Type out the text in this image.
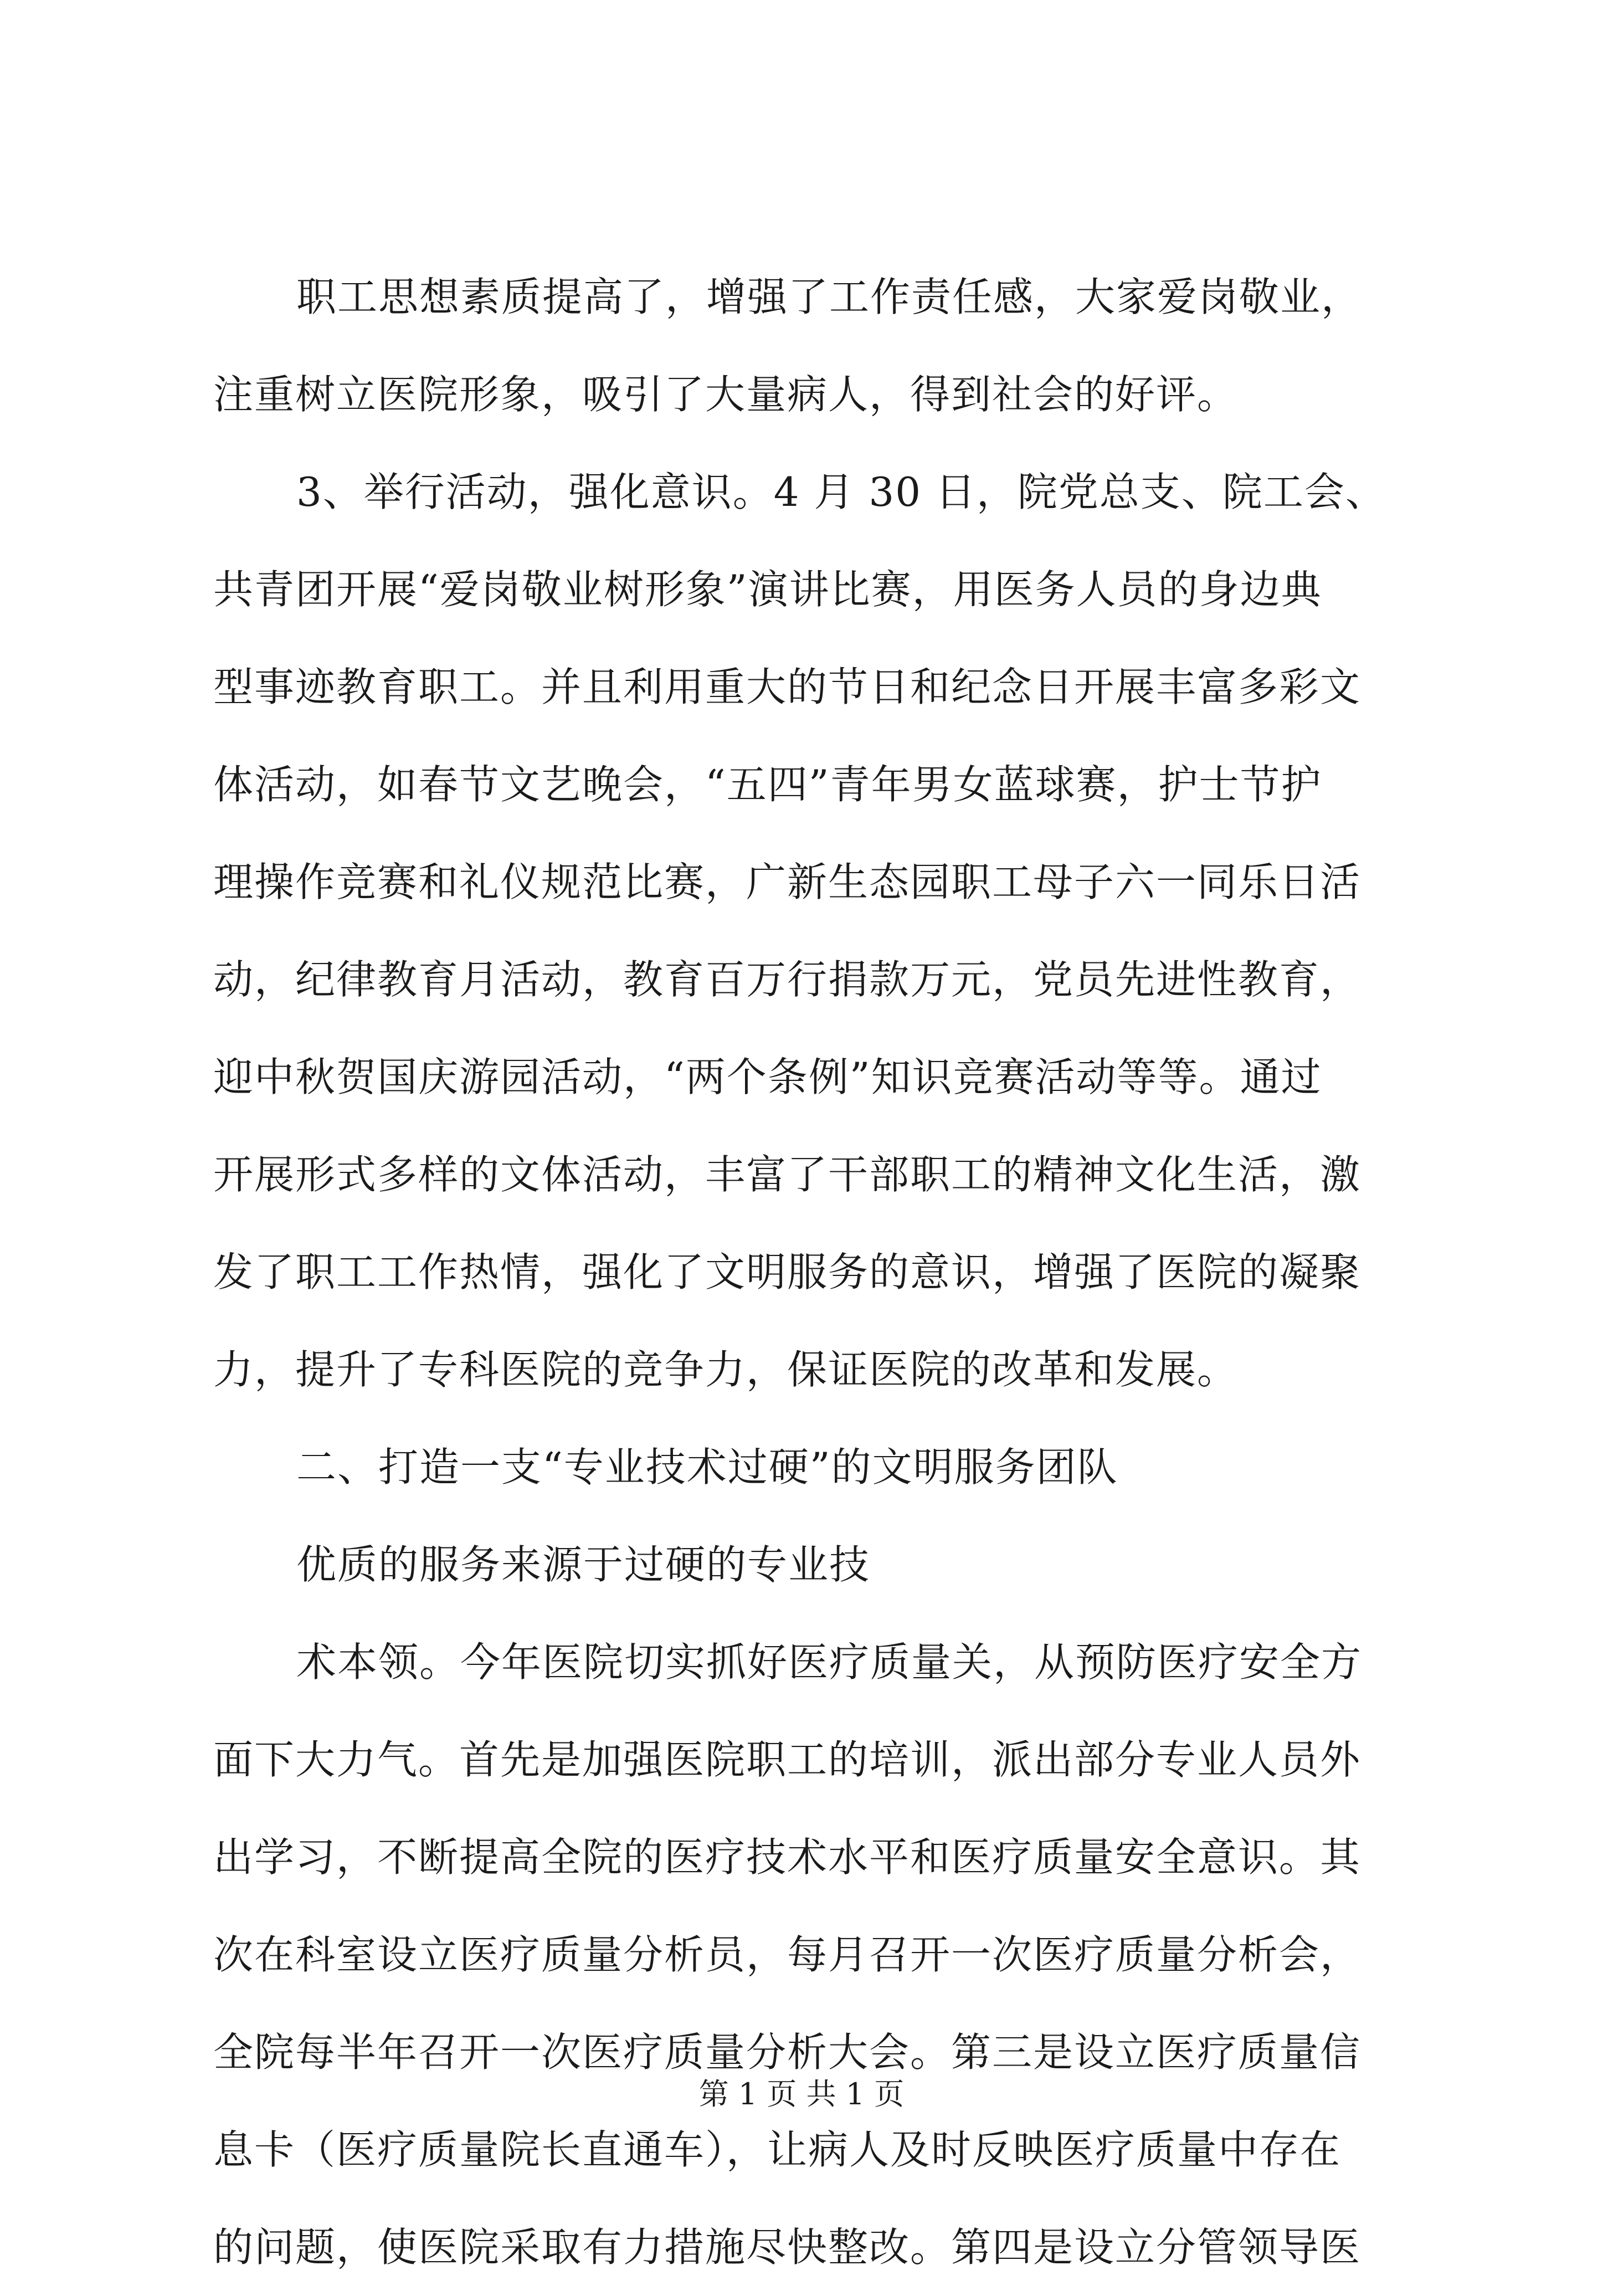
职工思想素质提高了，增强了工作责任感，大家爱岗敬业，
注重树立医院形象，吸引了大量病人，得到社会的好评。
3、举行活动，强化意识。4 月 30 日，院党总支、院工会、
共青团开展“爱岗敬业树形象”演讲比赛，用医务人员的身边典
型事迹教育职工。并且利用重大的节日和纪念日开展丰富多彩文
体活动，如春节文艺晚会，“五四”青年男女蓝球赛，护士节护
理操作竞赛和礼仪规范比赛，广新生态园职工母子六一同乐日活
动，纪律教育月活动，教育百万行捐款万元，党员先进性教育，
迎中秋贺国庆游园活动，“两个条例”知识竞赛活动等等。通过
开展形式多样的文体活动，丰富了干部职工的精神文化生活，激
发了职工工作热情，强化了文明服务的意识，增强了医院的凝聚
力，提升了专科医院的竞争力，保证医院的改革和发展。
二、打造一支“专业技术过硬”的文明服务团队
优质的服务来源于过硬的专业技
术本领。今年医院切实抓好医疗质量关，从预防医疗安全方
面下大力气。首先是加强医院职工的培训，派出部分专业人员外
出学习，不断提高全院的医疗技术水平和医疗质量安全意识。其
次在科室设立医疗质量分析员，每月召开一次医疗质量分析会，
全院每半年召开一次医疗质量分析大会。第三是设立医疗质量信
息卡（医疗质量院长直通车），让病人及时反映医疗质量中存在
的问题，使医院采取有力措施尽快整改。第四是设立分管领导医
第 1 页 共 1 页
